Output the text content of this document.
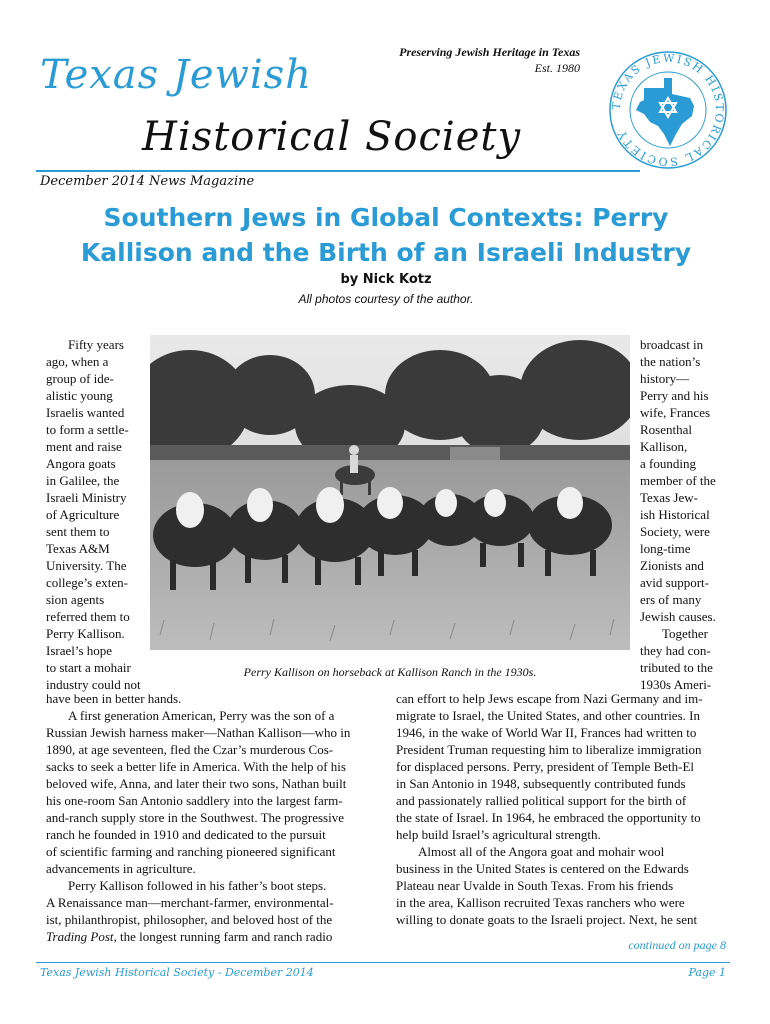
Preserving Jewish Heritage in Texas
Est. 1980
Texas Jewish
Historical Society
December 2014 News Magazine
TEXAS JEWISH HISTORICAL SOCIETY
Southern Jews in Global Contexts: Perry
Kallison and the Birth of an Israeli Industry
by Nick Kotz
All photos courtesy of the author.

Fifty years

ago, when a

group of ide-

alistic young

Israelis wanted

to form a settle-

ment and raise

Angora goats

in Galilee, the

Israeli Ministry

of Agriculture

sent them to

Texas A&M

University. The

college’s exten-

sion agents

referred them to

Perry Kallison.

Israel’s hope

to start a mohair

industry could not

broadcast in

the nation’s

history—

Perry and his

wife, Frances

Rosenthal

Kallison,

a founding

member of the

Texas Jew-

ish Historical

Society, were

long-time

Zionists and

avid support-

ers of many

Jewish causes.

Together

they had con-

tributed to the

1930s Ameri-

Perry Kallison on horseback at Kallison Ranch in the 1930s.

have been in better hands.

A first generation American, Perry was the son of a

Russian Jewish harness maker—Nathan Kallison—who in

1890, at age seventeen, fled the Czar’s murderous Cos-

sacks to seek a better life in America. With the help of his

beloved wife, Anna, and later their two sons, Nathan built

his one-room San Antonio saddlery into the largest farm-

and-ranch supply store in the Southwest. The progressive

ranch he founded in 1910 and dedicated to the pursuit

of scientific farming and ranching pioneered significant

advancements in agriculture.

Perry Kallison followed in his father’s boot steps.

A Renaissance man—merchant-farmer, environmental-

ist, philanthropist, philosopher, and beloved host of the

Trading Post, the longest running farm and ranch radio

can effort to help Jews escape from Nazi Germany and im-

migrate to Israel, the United States, and other countries. In

1946, in the wake of World War II, Frances had written to

President Truman requesting him to liberalize immigration

for displaced persons. Perry, president of Temple Beth-El

in San Antonio in 1948, subsequently contributed funds

and passionately rallied political support for the birth of

the state of Israel. In 1964, he embraced the opportunity to

help build Israel’s agricultural strength.

Almost all of the Angora goat and mohair wool

business in the United States is centered on the Edwards

Plateau near Uvalde in South Texas. From his friends

in the area, Kallison recruited Texas ranchers who were

willing to donate goats to the Israeli project. Next, he sent

continued on page 8
Texas Jewish Historical Society - December 2014	Page 1
